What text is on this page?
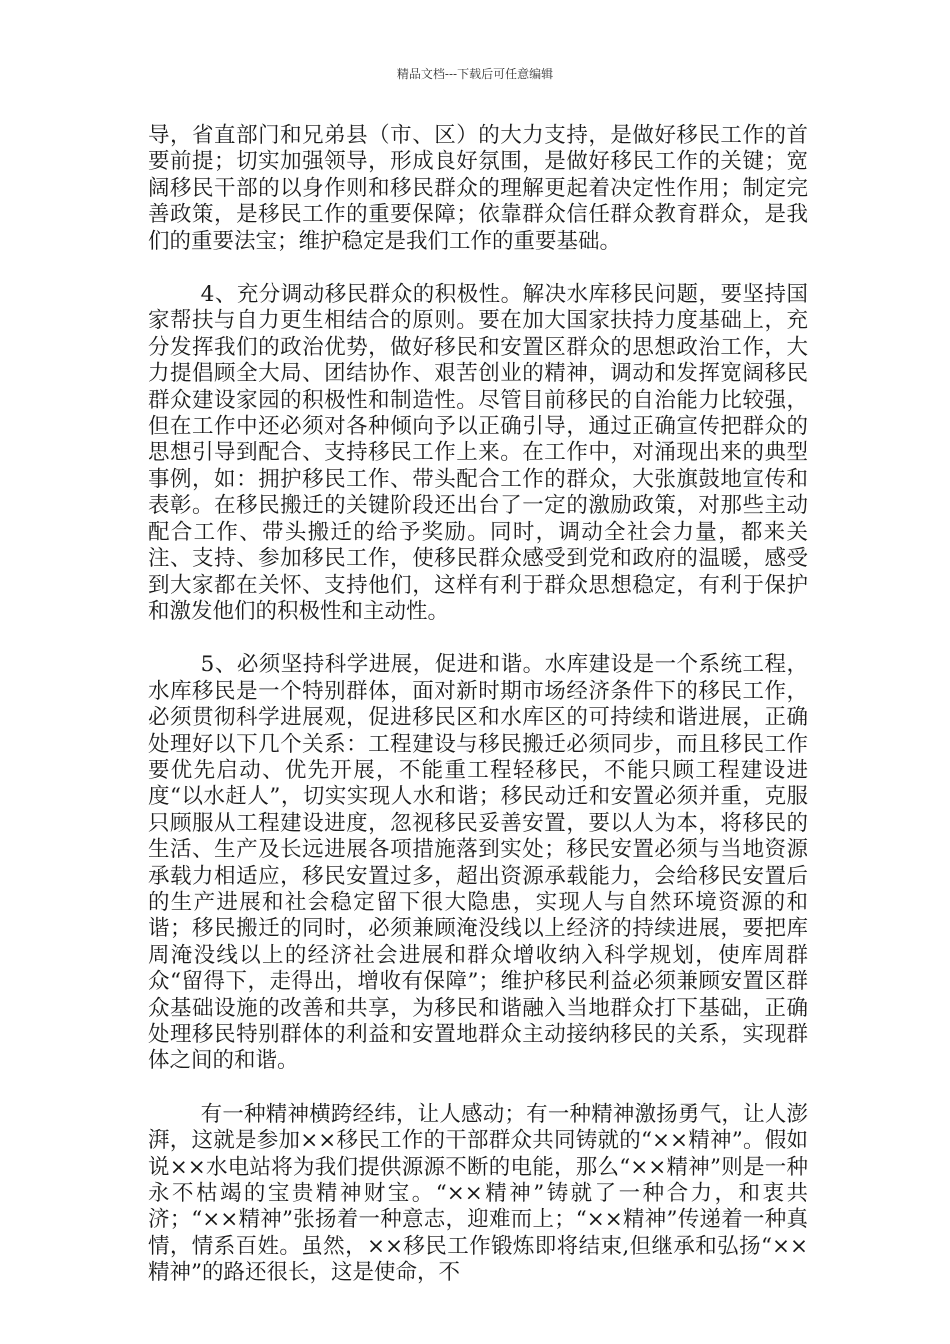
精品文档---下载后可任意编辑

导，省直部门和兄弟县（市、区）的大力支持，是做好移民工作的首要前提；切实加强领导，形成良好氛围，是做好移民工作的关键；宽阔移民干部的以身作则和移民群众的理解更起着决定性作用；制定完善政策，是移民工作的重要保障；依靠群众信任群众教育群众，是我们的重要法宝；维护稳定是我们工作的重要基础。

4、充分调动移民群众的积极性。解决水库移民问题，要坚持国家帮扶与自力更生相结合的原则。要在加大国家扶持力度基础上，充分发挥我们的政治优势，做好移民和安置区群众的思想政治工作，大力提倡顾全大局、团结协作、艰苦创业的精神，调动和发挥宽阔移民群众建设家园的积极性和制造性。尽管目前移民的自治能力比较强，但在工作中还必须对各种倾向予以正确引导，通过正确宣传把群众的思想引导到配合、支持移民工作上来。在工作中，对涌现出来的典型事例，如：拥护移民工作、带头配合工作的群众，大张旗鼓地宣传和表彰。在移民搬迁的关键阶段还出台了一定的激励政策，对那些主动配合工作、带头搬迁的给予奖励。同时，调动全社会力量，都来关注、支持、参加移民工作，使移民群众感受到党和政府的温暖，感受到大家都在关怀、支持他们，这样有利于群众思想稳定，有利于保护和激发他们的积极性和主动性。

5、必须坚持科学进展，促进和谐。水库建设是一个系统工程，水库移民是一个特别群体，面对新时期市场经济条件下的移民工作，必须贯彻科学进展观，促进移民区和水库区的可持续和谐进展，正确处理好以下几个关系：工程建设与移民搬迁必须同步，而且移民工作要优先启动、优先开展，不能重工程轻移民，不能只顾工程建设进度“以水赶人”，切实实现人水和谐；移民动迁和安置必须并重，克服只顾服从工程建设进度，忽视移民妥善安置，要以人为本，将移民的生活、生产及长远进展各项措施落到实处；移民安置必须与当地资源承载力相适应，移民安置过多，超出资源承载能力，会给移民安置后的生产进展和社会稳定留下很大隐患，实现人与自然环境资源的和谐；移民搬迁的同时，必须兼顾淹没线以上经济的持续进展，要把库周淹没线以上的经济社会进展和群众增收纳入科学规划，使库周群众“留得下，走得出，增收有保障”；维护移民利益必须兼顾安置区群众基础设施的改善和共享，为移民和谐融入当地群众打下基础，正确处理移民特别群体的利益和安置地群众主动接纳移民的关系，实现群体之间的和谐。

有一种精神横跨经纬，让人感动；有一种精神激扬勇气，让人澎湃，这就是参加××移民工作的干部群众共同铸就的“××精神”。假如说××水电站将为我们提供源源不断的电能，那么“××精神”则是一种永不枯竭的宝贵精神财宝。“××精神”铸就了一种合力，和衷共济；“××精神”张扬着一种意志，迎难而上；“××精神”传递着一种真情，情系百姓。虽然，××移民工作锻炼即将结束,但继承和弘扬“××精神”的路还很长，这是使命，不
